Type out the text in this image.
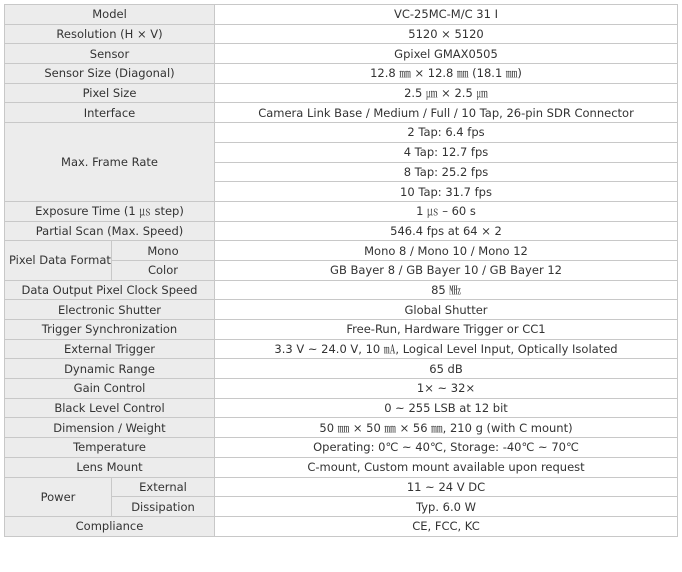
Model		VC-25MC-M/C 31 I
Resolution (H × V)		5120 × 5120
Sensor		Gpixel GMAX0505
Sensor Size (Diagonal)		12.8 ㎜ × 12.8 ㎜ (18.1 ㎜)
Pixel Size		2.5 ㎛ × 2.5 ㎛
Interface		Camera Link Base / Medium / Full / 10 Tap, 26-pin SDR Connector
Max. Frame Rate		2 Tap: 6.4 fps
		4 Tap: 12.7 fps
		8 Tap: 25.2 fps
		10 Tap: 31.7 fps
Exposure Time (1 ㎲ step)		1 ㎲ – 60 s
Partial Scan (Max. Speed)		546.4 fps at 64 × 2
Pixel Data Format	Mono	Mono 8 / Mono 10 / Mono 12
	Color	GB Bayer 8 / GB Bayer 10 / GB Bayer 12
Data Output Pixel Clock Speed		85 ㎒
Electronic Shutter		Global Shutter
Trigger Synchronization		Free-Run, Hardware Trigger or CC1
External Trigger		3.3 V ~ 24.0 V, 10 ㎃, Logical Level Input, Optically Isolated
Dynamic Range		65 dB
Gain Control		1× ~ 32×
Black Level Control		0 ~ 255 LSB at 12 bit
Dimension / Weight		50 ㎜ × 50 ㎜ × 56 ㎜, 210 g (with C mount)
Temperature		Operating: 0℃ ~ 40℃, Storage: -40℃ ~ 70℃
Lens Mount		C-mount, Custom mount available upon request
Power	External	11 ~ 24 V DC
	Dissipation	Typ. 6.0 W
Compliance		CE, FCC, KC
